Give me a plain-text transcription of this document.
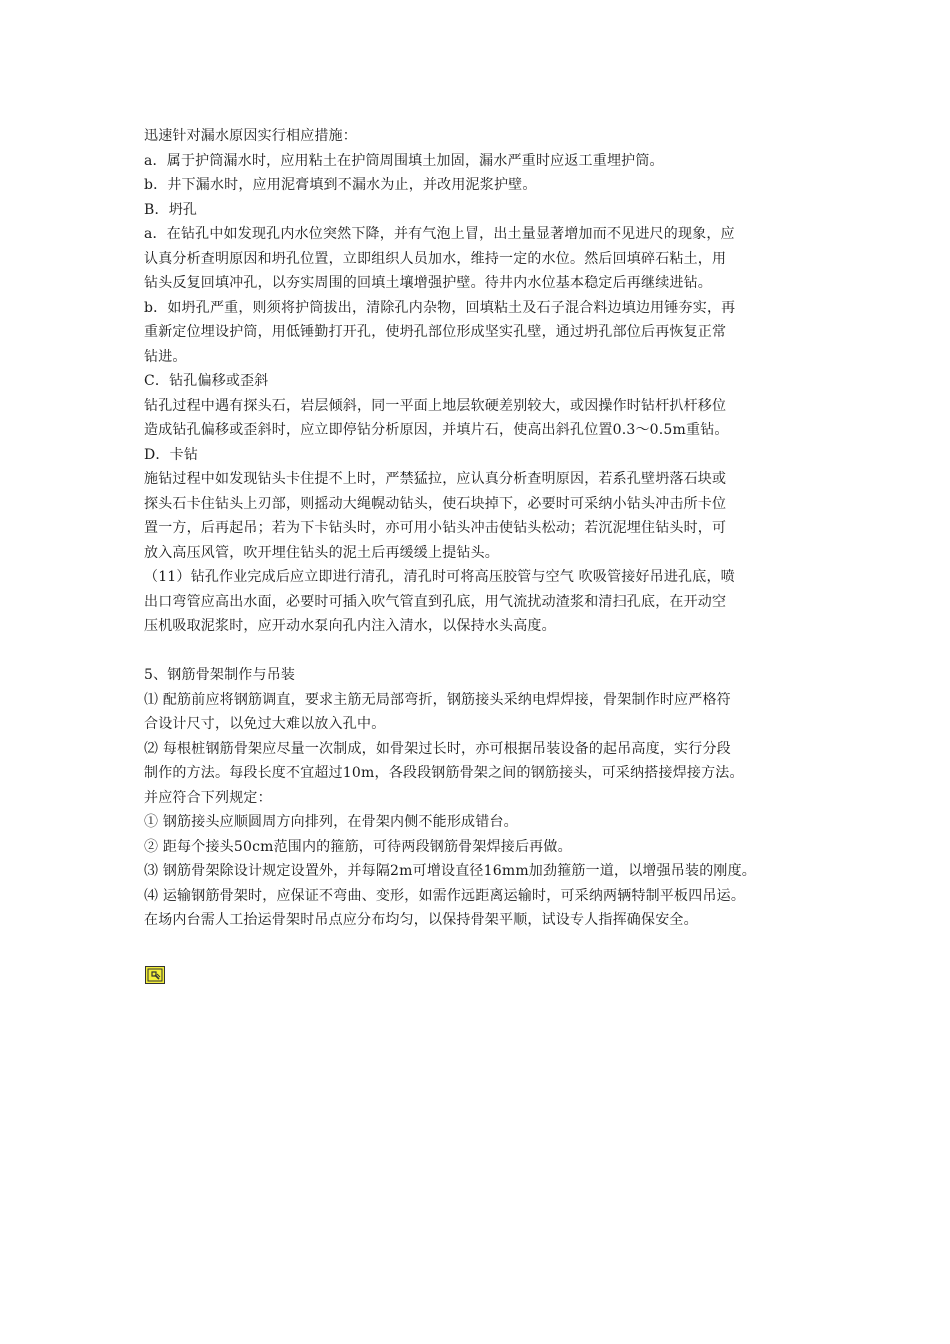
迅速针对漏水原因实行相应措施：
a．属于护筒漏水时，应用粘土在护筒周围填土加固，漏水严重时应返工重埋护筒。
b．井下漏水时，应用泥膏填到不漏水为止，并改用泥浆护壁。
B．坍孔
a．在钻孔中如发现孔内水位突然下降，并有气泡上冒，出土量显著增加而不见进尺的现象，应
认真分析查明原因和坍孔位置，立即组织人员加水，维持一定的水位。然后回填碎石粘土，用
钻头反复回填冲孔，以夯实周围的回填土壤增强护壁。待井内水位基本稳定后再继续进钻。
b．如坍孔严重，则须将护筒拔出，清除孔内杂物，回填粘土及石子混合料边填边用锤夯实，再
重新定位埋设护筒，用低锤勤打开孔，使坍孔部位形成坚实孔壁，通过坍孔部位后再恢复正常
钻进。
C．钻孔偏移或歪斜
钻孔过程中遇有探头石，岩层倾斜，同一平面上地层软硬差别较大，或因操作时钻杆扒杆移位
造成钻孔偏移或歪斜时，应立即停钻分析原因，并填片石，使高出斜孔位置0.3～0.5m重钻。
D．卡钻
施钻过程中如发现钻头卡住提不上时，严禁猛拉，应认真分析查明原因，若系孔壁坍落石块或
探头石卡住钻头上刃部，则摇动大绳幌动钻头，使石块掉下，必要时可采纳小钻头冲击所卡位
置一方，后再起吊；若为下卡钻头时，亦可用小钻头冲击使钻头松动；若沉泥埋住钻头时，可
放入高压风管，吹开埋住钻头的泥土后再缓缓上提钻头。
（11）钻孔作业完成后应立即进行清孔，清孔时可将高压胶管与空气 吹吸管接好吊进孔底，喷
出口弯管应高出水面，必要时可插入吹气管直到孔底，用气流扰动渣浆和清扫孔底，在开动空
压机吸取泥浆时，应开动水泵向孔内注入清水，以保持水头高度。
5、钢筋骨架制作与吊装
⑴ 配筋前应将钢筋调直，要求主筋无局部弯折，钢筋接头采纳电焊焊接，骨架制作时应严格符
合设计尺寸，以免过大难以放入孔中。
⑵ 每根桩钢筋骨架应尽量一次制成，如骨架过长时，亦可根据吊装设备的起吊高度，实行分段
制作的方法。每段长度不宜超过10m，各段段钢筋骨架之间的钢筋接头，可采纳搭接焊接方法。
并应符合下列规定：
① 钢筋接头应顺圆周方向排列，在骨架内侧不能形成错台。
② 距每个接头50cm范围内的箍筋，可待两段钢筋骨架焊接后再做。
⑶ 钢筋骨架除设计规定设置外，并每隔2m可增设直径16mm加劲箍筋一道，以增强吊装的刚度。
⑷ 运输钢筋骨架时，应保证不弯曲、变形，如需作远距离运输时，可采纳两辆特制平板四吊运。
在场内台需人工抬运骨架时吊点应分布均匀，以保持骨架平顺，试设专人指挥确保安全。
